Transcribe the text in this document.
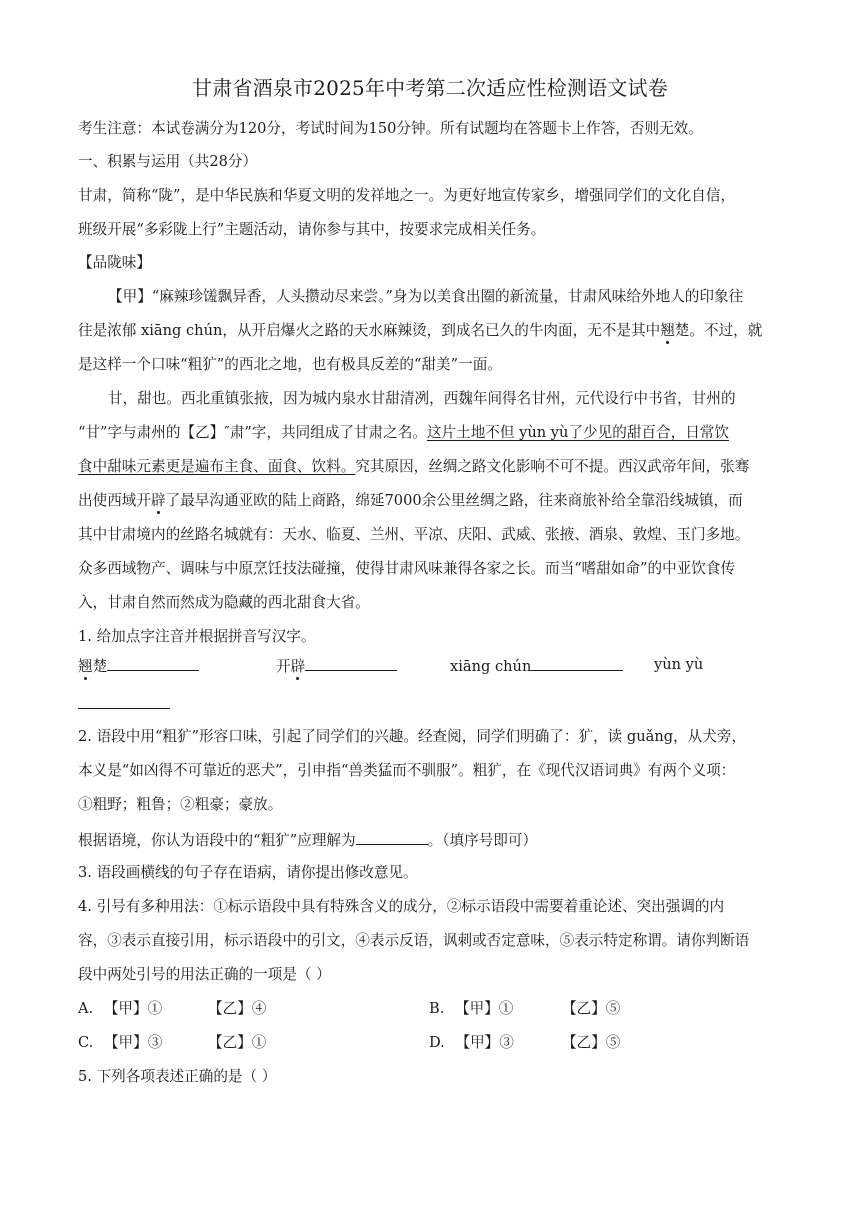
甘肃省酒泉市2025年中考第二次适应性检测语文试卷
考生注意：本试卷满分为120分，考试时间为150分钟。所有试题均在答题卡上作答，否则无效。
一、积累与运用（共28分）
甘肃，简称“陇”，是中华民族和华夏文明的发祥地之一。为更好地宣传家乡，增强同学们的文化自信，
班级开展“多彩陇上行”主题活动，请你参与其中，按要求完成相关任务。
【品陇味】
【甲】“麻辣珍馐飘异香，人头攒动尽来尝。”身为以美食出圈的新流量，甘肃风味给外地人的印象往
往是浓郁 xiāng chún，从开启爆火之路的天水麻辣烫，到成名已久的牛肉面，无不是其中翘楚。不过，就
是这样一个口味“粗犷”的西北之地，也有极具反差的“甜美”一面。
甘，甜也。西北重镇张掖，因为城内泉水甘甜清冽，西魏年间得名甘州，元代设行中书省，甘州的
“甘”字与肃州的【乙】″肃”字，共同组成了甘肃之名。这片土地不但 yùn yù了少见的甜百合，日常饮
食中甜味元素更是遍布主食、面食、饮料。究其原因，丝绸之路文化影响不可不提。西汉武帝年间，张骞
出使西域开辟了最早沟通亚欧的陆上商路，绵延7000余公里丝绸之路，往来商旅补给全靠沿线城镇，而
其中甘肃境内的丝路名城就有：天水、临夏、兰州、平凉、庆阳、武威、张掖、酒泉、敦煌、玉门多地。
众多西域物产、调味与中原烹饪技法碰撞，使得甘肃风味兼得各家之长。而当“嗜甜如命”的中亚饮食传
入，甘肃自然而然成为隐藏的西北甜食大省。
1. 给加点字注音并根据拼音写汉字。
翘楚	开辟	xiāng chún	yùn yù
2. 语段中用“粗犷”形容口味，引起了同学们的兴趣。经查阅，同学们明确了：犷，读 guǎng，从犬旁，
本义是“如凶得不可靠近的恶犬”，引申指“兽类猛而不驯服”。粗犷，在《现代汉语词典》有两个义项：
①粗野；粗鲁；②粗豪；豪放。
根据语境，你认为语段中的“粗犷”应理解为	。（填序号即可）
3. 语段画横线的句子存在语病，请你提出修改意见。
4. 引号有多种用法：①标示语段中具有特殊含义的成分，②标示语段中需要着重论述、突出强调的内
容，③表示直接引用，标示语段中的引文，④表示反语，讽刺或否定意味，⑤表示特定称谓。请你判断语
段中两处引号的用法正确的一项是（ ）
A. 【甲】①	【乙】④	B. 【甲】①	【乙】⑤
C. 【甲】③	【乙】①	D. 【甲】③	【乙】⑤
5. 下列各项表述正确的是（ ）
